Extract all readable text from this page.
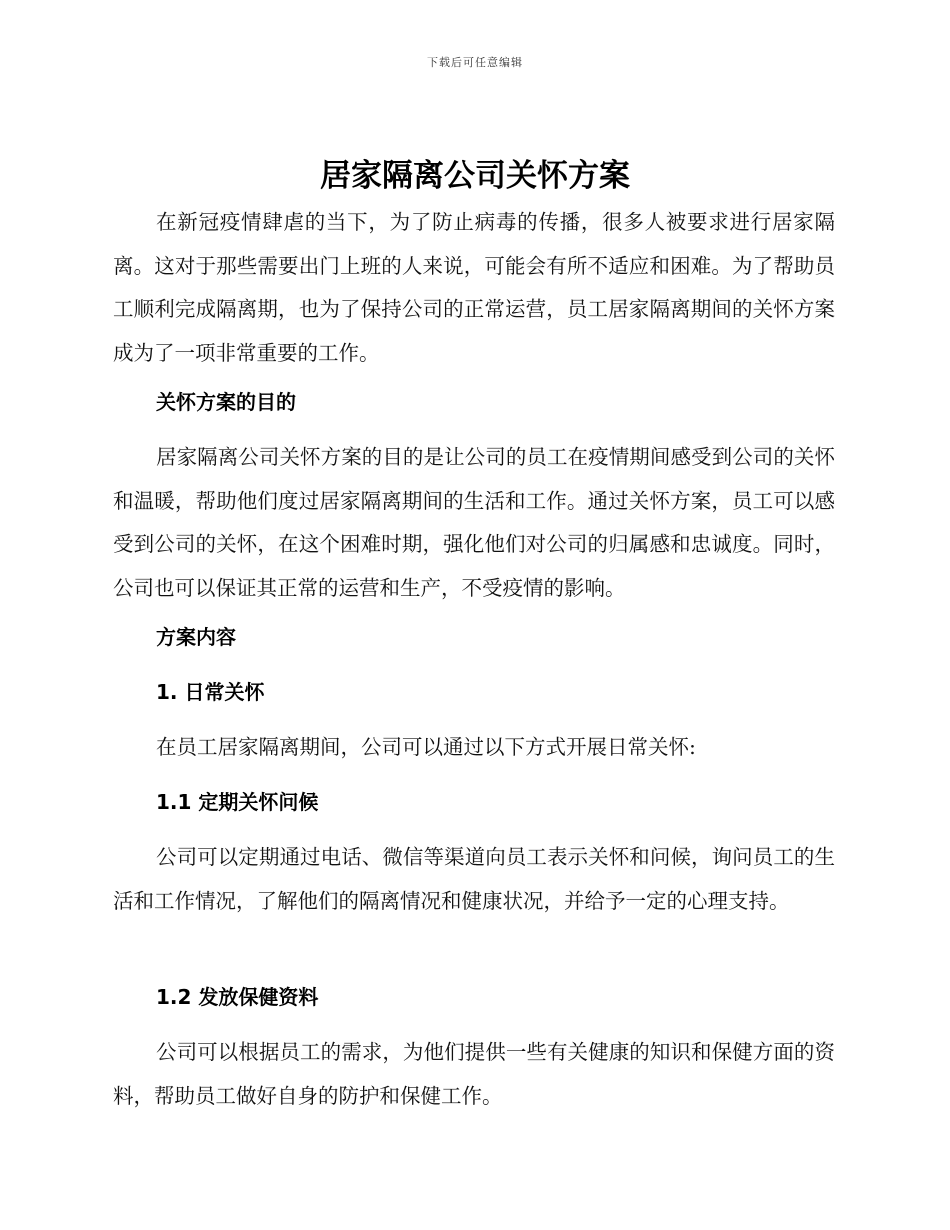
下载后可任意编辑
居家隔离公司关怀方案

在新冠疫情肆虐的当下，为了防止病毒的传播，很多人被要求进行居家隔离。这对于那些需要出门上班的人来说，可能会有所不适应和困难。为了帮助员工顺利完成隔离期，也为了保持公司的正常运营，员工居家隔离期间的关怀方案成为了一项非常重要的工作。

关怀方案的目的

居家隔离公司关怀方案的目的是让公司的员工在疫情期间感受到公司的关怀和温暖，帮助他们度过居家隔离期间的生活和工作。通过关怀方案，员工可以感受到公司的关怀，在这个困难时期，强化他们对公司的归属感和忠诚度。同时，公司也可以保证其正常的运营和生产，不受疫情的影响。

方案内容
1. 日常关怀

在员工居家隔离期间，公司可以通过以下方式开展日常关怀:

1.1 定期关怀问候

公司可以定期通过电话、微信等渠道向员工表示关怀和问候，询问员工的生活和工作情况，了解他们的隔离情况和健康状况，并给予一定的心理支持。

1.2 发放保健资料

公司可以根据员工的需求，为他们提供一些有关健康的知识和保健方面的资料，帮助员工做好自身的防护和保健工作。
